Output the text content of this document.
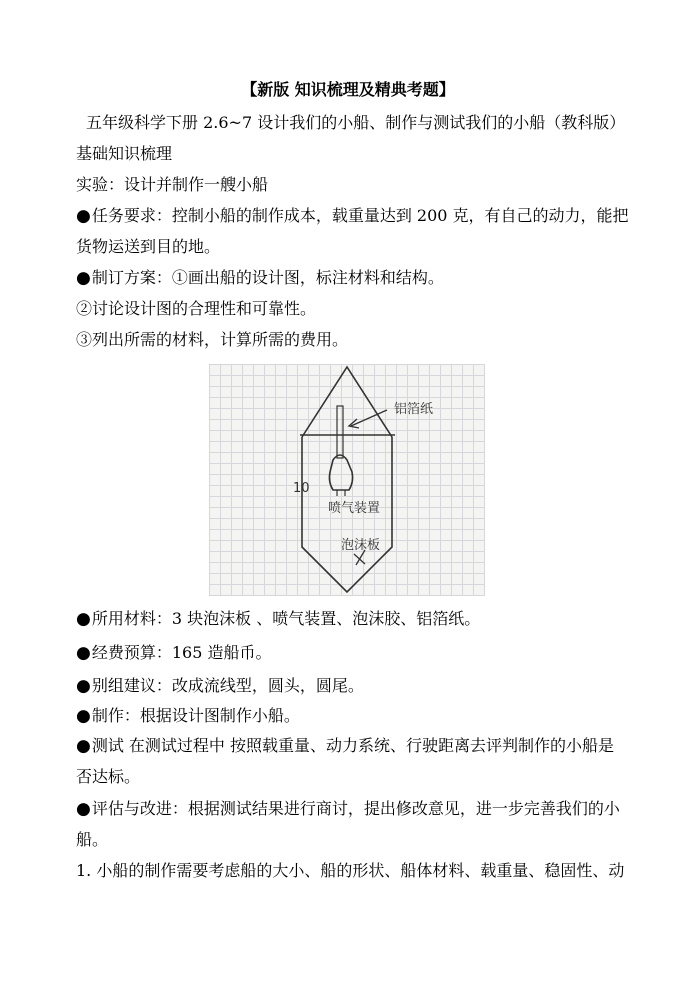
【新版 知识梳理及精典考题】
五年级科学下册 2.6~7 设计我们的小船、制作与测试我们的小船（教科版）
基础知识梳理
实验：设计并制作一艘小船
●任务要求：控制小船的制作成本，载重量达到 200 克，有自己的动力，能把
货物运送到目的地。
●制订方案：①画出船的设计图，标注材料和结构。
②讨论设计图的合理性和可靠性。
③列出所需的材料，计算所需的费用。
10
铝箔纸
喷气装置
泡沫板
●所用材料：3 块泡沫板 、喷气装置、泡沫胶、铝箔纸。
●经费预算：165 造船币。
●别组建议：改成流线型，圆头，圆尾。
●制作：根据设计图制作小船。
●测试 在测试过程中 按照载重量、动力系统、行驶距离去评判制作的小船是
否达标。
●评估与改进：根据测试结果进行商讨，提出修改意见，进一步完善我们的小
船。
1. 小船的制作需要考虑船的大小、船的形状、船体材料、载重量、稳固性、动
